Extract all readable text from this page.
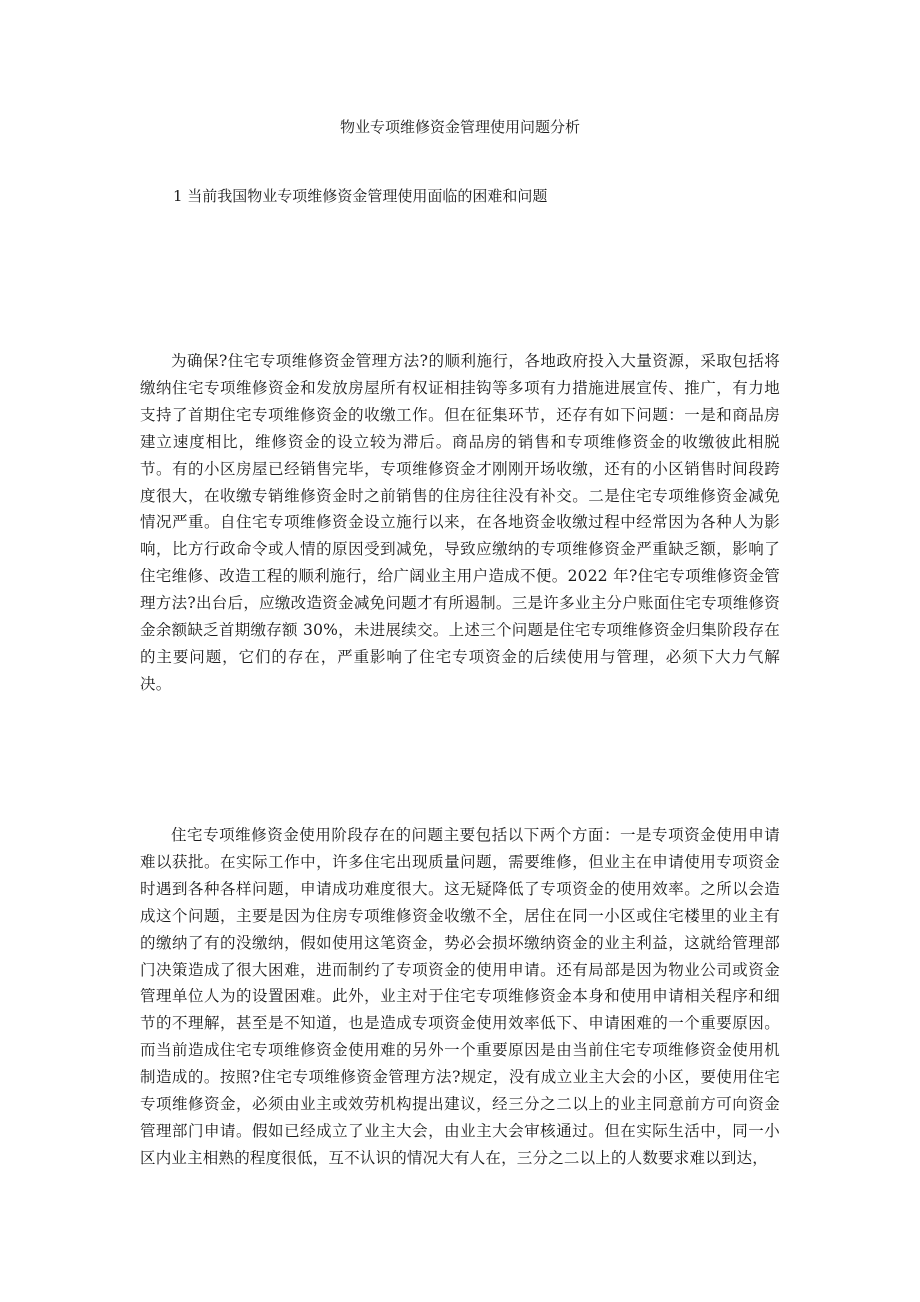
物业专项维修资金管理使用问题分析
1 当前我国物业专项维修资金管理使用面临的困难和问题

为确保?住宅专项维修资金管理方法?的顺利施行，各地政府投入大量资源，采取包括将缴纳住宅专项维修资金和发放房屋所有权证相挂钩等多项有力措施进展宣传、推广，有力地支持了首期住宅专项维修资金的收缴工作。但在征集环节，还存有如下问题：一是和商品房建立速度相比，维修资金的设立较为滞后。商品房的销售和专项维修资金的收缴彼此相脱节。有的小区房屋已经销售完毕，专项维修资金才刚刚开场收缴，还有的小区销售时间段跨度很大，在收缴专销维修资金时之前销售的住房往往没有补交。二是住宅专项维修资金减免情况严重。自住宅专项维修资金设立施行以来，在各地资金收缴过程中经常因为各种人为影响，比方行政命令或人情的原因受到减免，导致应缴纳的专项维修资金严重缺乏额，影响了住宅维修、改造工程的顺利施行，给广阔业主用户造成不便。2022 年?住宅专项维修资金管理方法?出台后，应缴改造资金减免问题才有所遏制。三是许多业主分户账面住宅专项维修资金余额缺乏首期缴存额 30%，未进展续交。上述三个问题是住宅专项维修资金归集阶段存在的主要问题，它们的存在，严重影响了住宅专项资金的后续使用与管理，必须下大力气解决。

住宅专项维修资金使用阶段存在的问题主要包括以下两个方面：一是专项资金使用申请难以获批。在实际工作中，许多住宅出现质量问题，需要维修，但业主在申请使用专项资金时遇到各种各样问题，申请成功难度很大。这无疑降低了专项资金的使用效率。之所以会造成这个问题，主要是因为住房专项维修资金收缴不全，居住在同一小区或住宅楼里的业主有的缴纳了有的没缴纳，假如使用这笔资金，势必会损坏缴纳资金的业主利益，这就给管理部门决策造成了很大困难，进而制约了专项资金的使用申请。还有局部是因为物业公司或资金管理单位人为的设置困难。此外，业主对于住宅专项维修资金本身和使用申请相关程序和细节的不理解，甚至是不知道，也是造成专项资金使用效率低下、申请困难的一个重要原因。而当前造成住宅专项维修资金使用难的另外一个重要原因是由当前住宅专项维修资金使用机制造成的。按照?住宅专项维修资金管理方法?规定，没有成立业主大会的小区，要使用住宅专项维修资金，必须由业主或效劳机构提出建议，经三分之二以上的业主同意前方可向资金管理部门申请。假如已经成立了业主大会，由业主大会审核通过。但在实际生活中，同一小区内业主相熟的程度很低，互不认识的情况大有人在，三分之二以上的人数要求难以到达，
